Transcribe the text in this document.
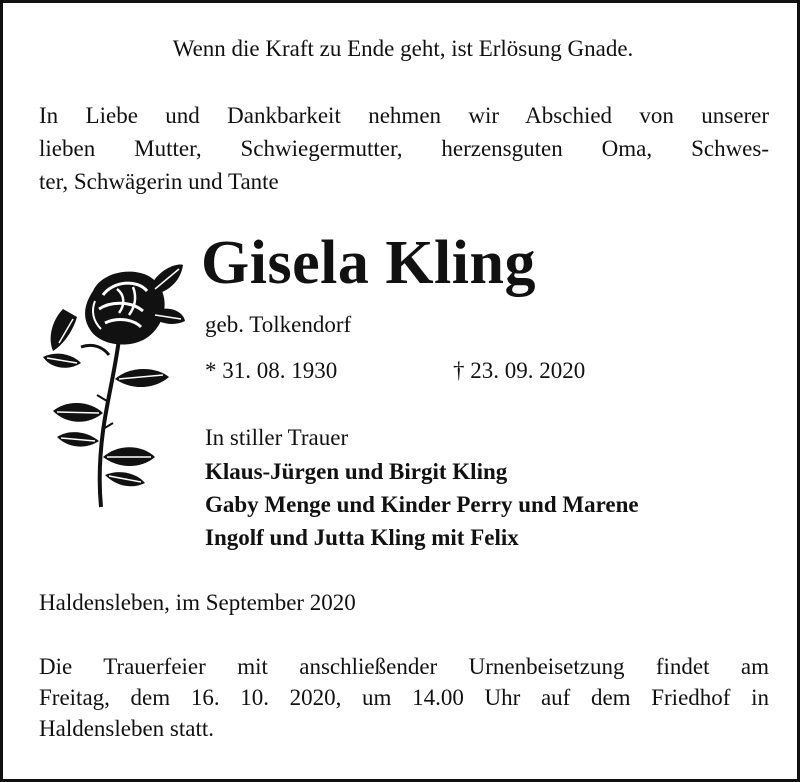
Wenn die Kraft zu Ende geht, ist Erlösung Gnade.
In Liebe und Dankbarkeit nehmen wir Abschied von unserer
lieben Mutter, Schwiegermutter, herzensguten Oma, Schwes-
ter, Schwägerin und Tante
Gisela Kling
geb. Tolkendorf
* 31. 08. 1930	† 23. 09. 2020
In stiller Trauer
Klaus-Jürgen und Birgit Kling
Gaby Menge und Kinder Perry und Marene
Ingolf und Jutta Kling mit Felix
Haldensleben, im September 2020
Die Trauerfeier mit anschließender Urnenbeisetzung findet am
Freitag, dem 16. 10. 2020, um 14.00 Uhr auf dem Friedhof in
Haldensleben statt.
